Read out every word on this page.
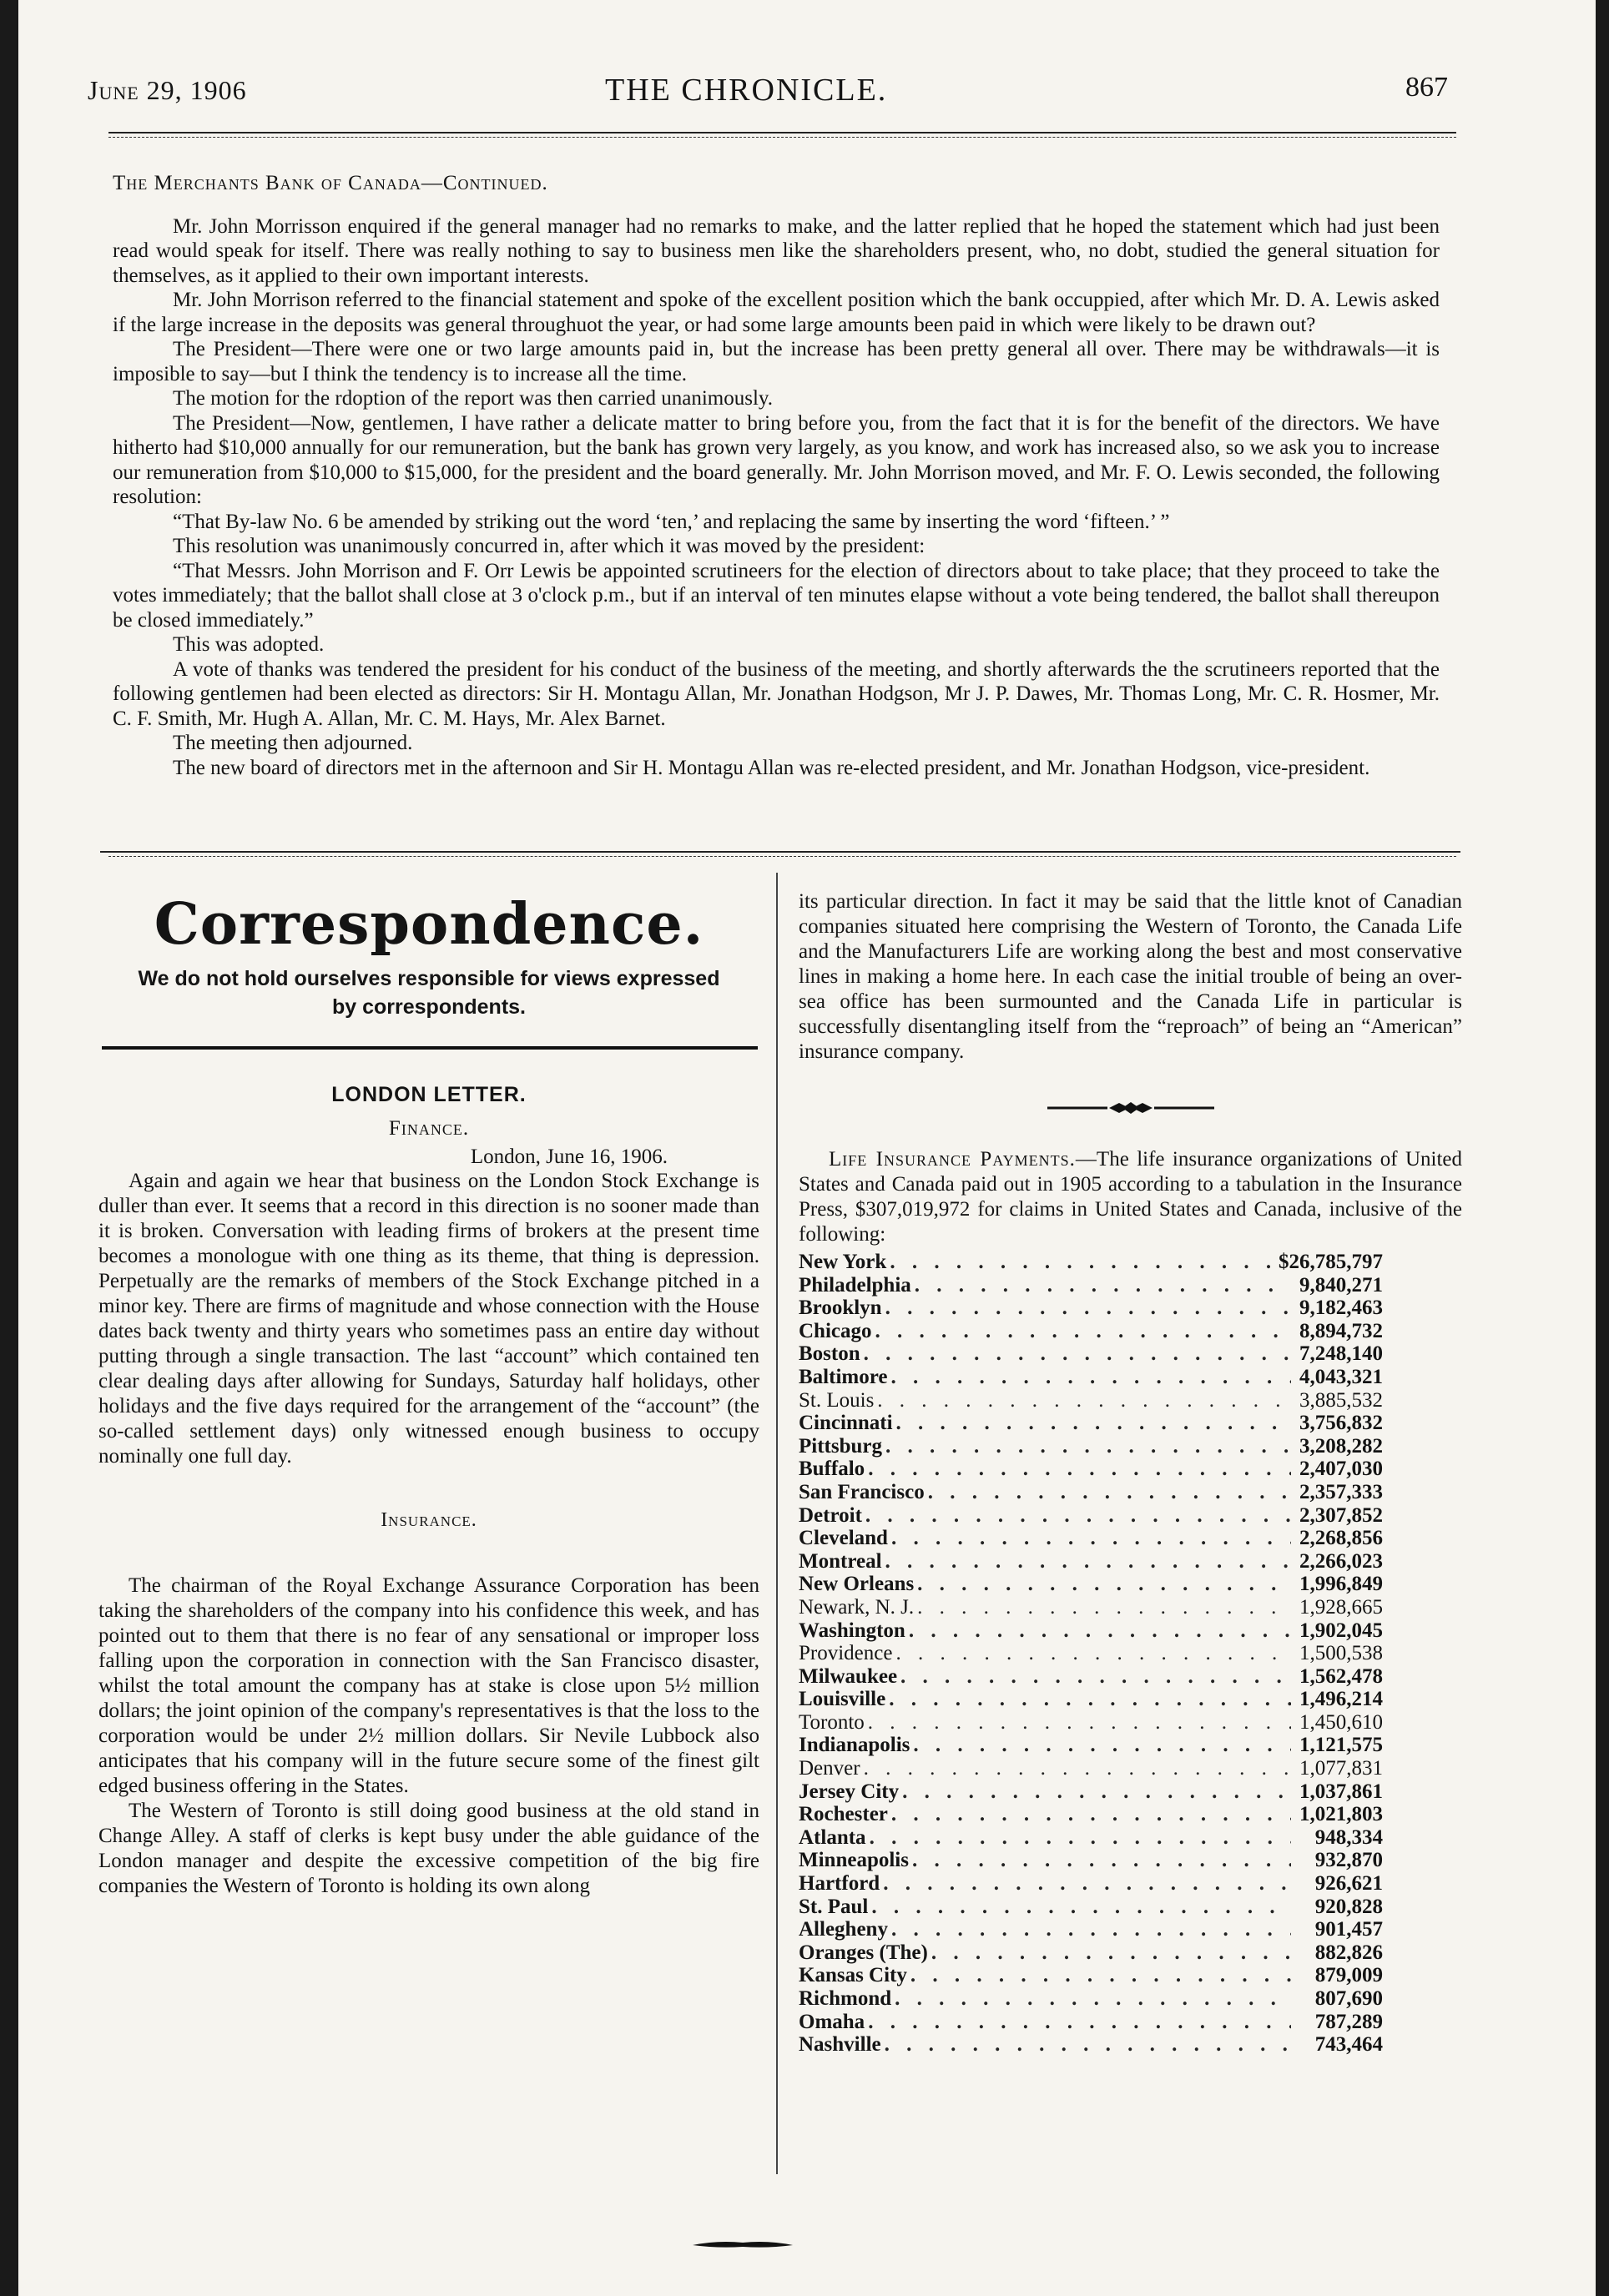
June 29, 1906	THE CHRONICLE.	867
The Merchants Bank of Canada—Continued.

Mr. John Morrisson enquired if the general manager had no remarks to make, and the latter replied that he hoped the statement which had just been read would speak for itself. There was really nothing to say to business men like the shareholders present, who, no dobt, studied the general situation for themselves, as it applied to their own important interests.

Mr. John Morrison referred to the financial statement and spoke of the excellent position which the bank occuppied, after which Mr. D. A. Lewis asked if the large increase in the deposits was general throughuot the year, or had some large amounts been paid in which were likely to be drawn out?

The President—There were one or two large amounts paid in, but the increase has been pretty general all over. There may be withdrawals—it is imposible to say—but I think the tendency is to increase all the time.

The motion for the rdoption of the report was then carried unanimously.

The President—Now, gentlemen, I have rather a delicate matter to bring before you, from the fact that it is for the benefit of the directors. We have hitherto had $10,000 annually for our remuneration, but the bank has grown very largely, as you know, and work has increased also, so we ask you to increase our remuneration from $10,000 to $15,000, for the president and the board generally. Mr. John Morrison moved, and Mr. F. O. Lewis seconded, the following resolution:

“That By-law No. 6 be amended by striking out the word ‘ten,’ and replacing the same by inserting the word ‘fifteen.’ ”

This resolution was unanimously concurred in, after which it was moved by the president:

“That Messrs. John Morrison and F. Orr Lewis be appointed scrutineers for the election of directors about to take place; that they proceed to take the votes immediately; that the ballot shall close at 3 o'clock p.m., but if an interval of ten minutes elapse without a vote being tendered, the ballot shall thereupon be closed immediately.”

This was adopted.

A vote of thanks was tendered the president for his conduct of the business of the meeting, and shortly afterwards the the scrutineers reported that the following gentlemen had been elected as directors: Sir H. Montagu Allan, Mr. Jonathan Hodgson, Mr J. P. Dawes, Mr. Thomas Long, Mr. C. R. Hosmer, Mr. C. F. Smith, Mr. Hugh A. Allan, Mr. C. M. Hays, Mr. Alex Barnet.

The meeting then adjourned.

The new board of directors met in the afternoon and Sir H. Montagu Allan was re-elected president, and Mr. Jonathan Hodgson, vice-president.

Correspondence.
We do not hold ourselves responsible for views expressed
by correspondents.
LONDON LETTER.
Finance.
London, June 16, 1906.

Again and again we hear that business on the London Stock Exchange is duller than ever. It seems that a record in this direction is no sooner made than it is broken. Conversation with leading firms of brokers at the present time becomes a monologue with one thing as its theme, that thing is depression. Perpetually are the remarks of members of the Stock Exchange pitched in a minor key. There are firms of magnitude and whose connection with the House dates back twenty and thirty years who sometimes pass an entire day without putting through a single transaction. The last “account” which contained ten clear dealing days after allowing for Sundays, Saturday half holidays, other holidays and the five days required for the arrangement of the “account” (the so-called settlement days) only witnessed enough business to occupy nominally one full day.

Insurance.

The chairman of the Royal Exchange Assurance Corporation has been taking the shareholders of the company into his confidence this week, and has pointed out to them that there is no fear of any sensational or improper loss falling upon the corporation in connection with the San Francisco disaster, whilst the total amount the company has at stake is close upon 5½ million dollars; the joint opinion of the company's representatives is that the loss to the corporation would be under 2½ million dollars. Sir Nevile Lubbock also anticipates that his company will in the future secure some of the finest gilt edged business offering in the States.

The Western of Toronto is still doing good business at the old stand in Change Alley. A staff of clerks is kept busy under the able guidance of the London manager and despite the excessive competition of the big fire companies the Western of Toronto is holding its own along

its particular direction. In fact it may be said that the little knot of Canadian companies situated here comprising the Western of Toronto, the Canada Life and the Manufacturers Life are working along the best and most conservative lines in making a home here. In each case the initial trouble of being an over-sea office has been surmounted and the Canada Life in particular is successfully disentangling itself from the “reproach” of being an “American” insurance company.

Life Insurance Payments.—The life insurance organizations of United States and Canada paid out in 1905 according to a tabulation in the Insurance Press, $307,019,972 for claims in United States and Canada, inclusive of the following:

New York . . .	$26,785,797
Philadelphia . . .	9,840,271
Brooklyn . . .	9,182,463
Chicago . . .	8,894,732
Boston . . .	7,248,140
Baltimore . . .	4,043,321
St. Louis . . .	3,885,532
Cincinnati . . .	3,756,832
Pittsburg . . .	3,208,282
Buffalo . . .	2,407,030
San Francisco . . .	2,357,333
Detroit . . .	2,307,852
Cleveland . . .	2,268,856
Montreal . . .	2,266,023
New Orleans . . .	1,996,849
Newark, N. J. . . .	1,928,665
Washington . . .	1,902,045
Providence . . .	1,500,538
Milwaukee . . .	1,562,478
Louisville . . .	1,496,214
Toronto . . .	1,450,610
Indianapolis . . .	1,121,575
Denver . . .	1,077,831
Jersey City . . .	1,037,861
Rochester . . .	1,021,803
Atlanta . . .	948,334
Minneapolis . . .	932,870
Hartford . . .	926,621
St. Paul . . .	920,828
Allegheny . . .	901,457
Oranges (The) . . .	882,826
Kansas City . . .	879,009
Richmond . . .	807,690
Omaha . . .	787,289
Nashville . . .	743,464
